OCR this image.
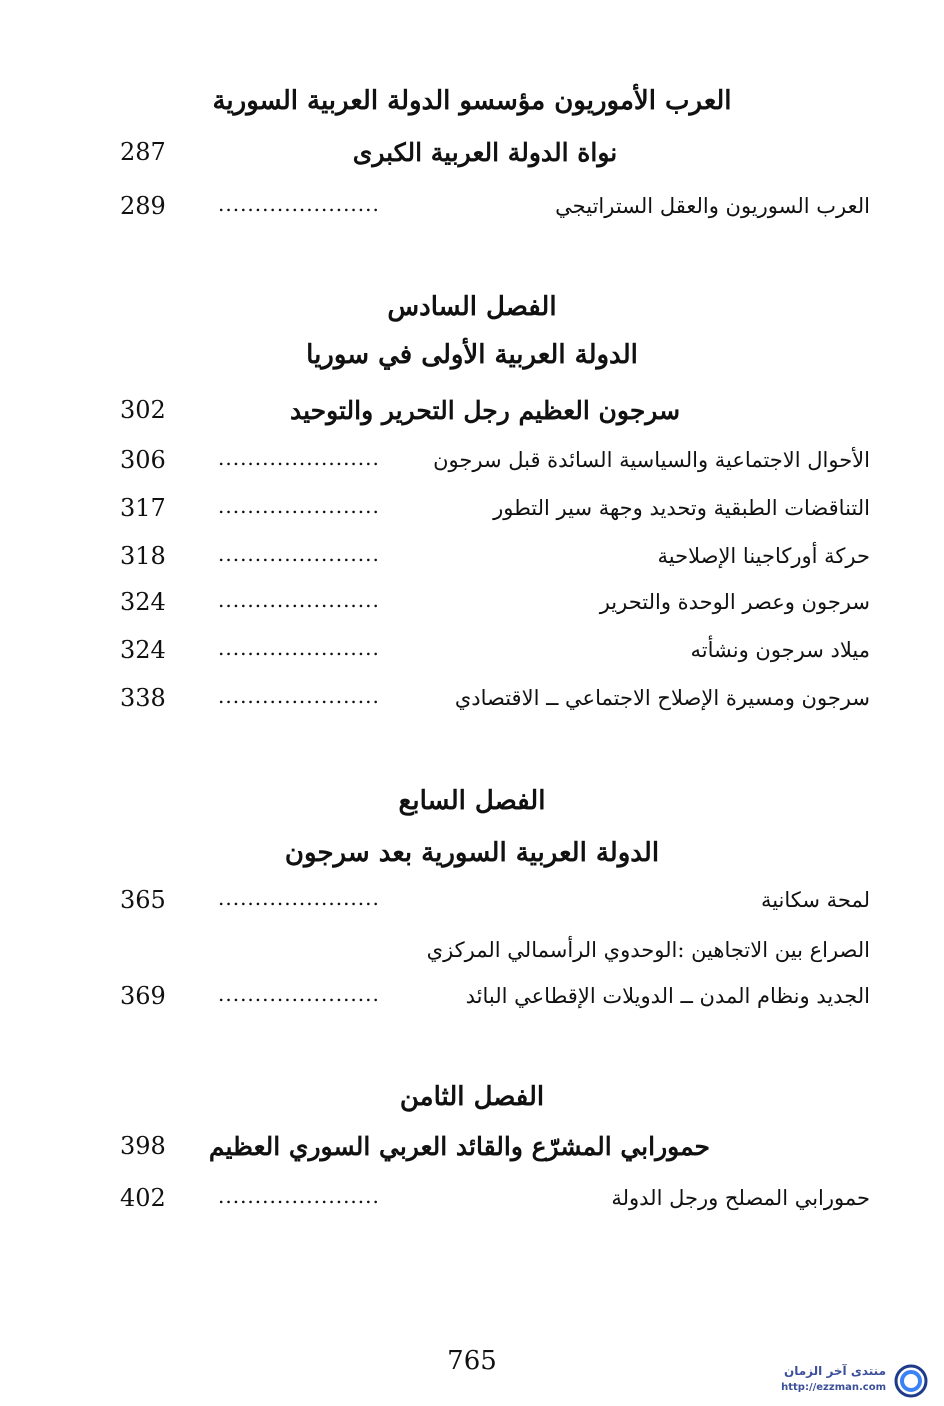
العرب الأموريون مؤسسو الدولة العربية السورية
287	نواة الدولة العربية الكبرى
289	......................	العرب السوريون والعقل الستراتيجي
الفصل السادس
الدولة العربية الأولى في سوريا
302	سرجون العظيم رجل التحرير والتوحيد
306	......................	الأحوال الاجتماعية والسياسية السائدة قبل سرجون
317	......................	التناقضات الطبقية وتحديد وجهة سير التطور
318	......................	حركة أوركاجينا الإصلاحية
324	......................	سرجون وعصر الوحدة والتحرير
324	......................	ميلاد سرجون ونشأته
338	......................	سرجون ومسيرة الإصلاح الاجتماعي ــ الاقتصادي
الفصل السابع
الدولة العربية السورية بعد سرجون
365	......................	لمحة سكانية
الصراع بين الاتجاهين :الوحدوي الرأسمالي المركزي
369	......................	الجديد ونظام المدن ــ الدويلات الإقطاعي البائد
الفصل الثامن
398	حمورابي المشرّع والقائد العربي السوري العظيم
402	......................	حمورابي المصلح ورجل الدولة
765	منتدى آخر الزمان
http://ezzman.com
